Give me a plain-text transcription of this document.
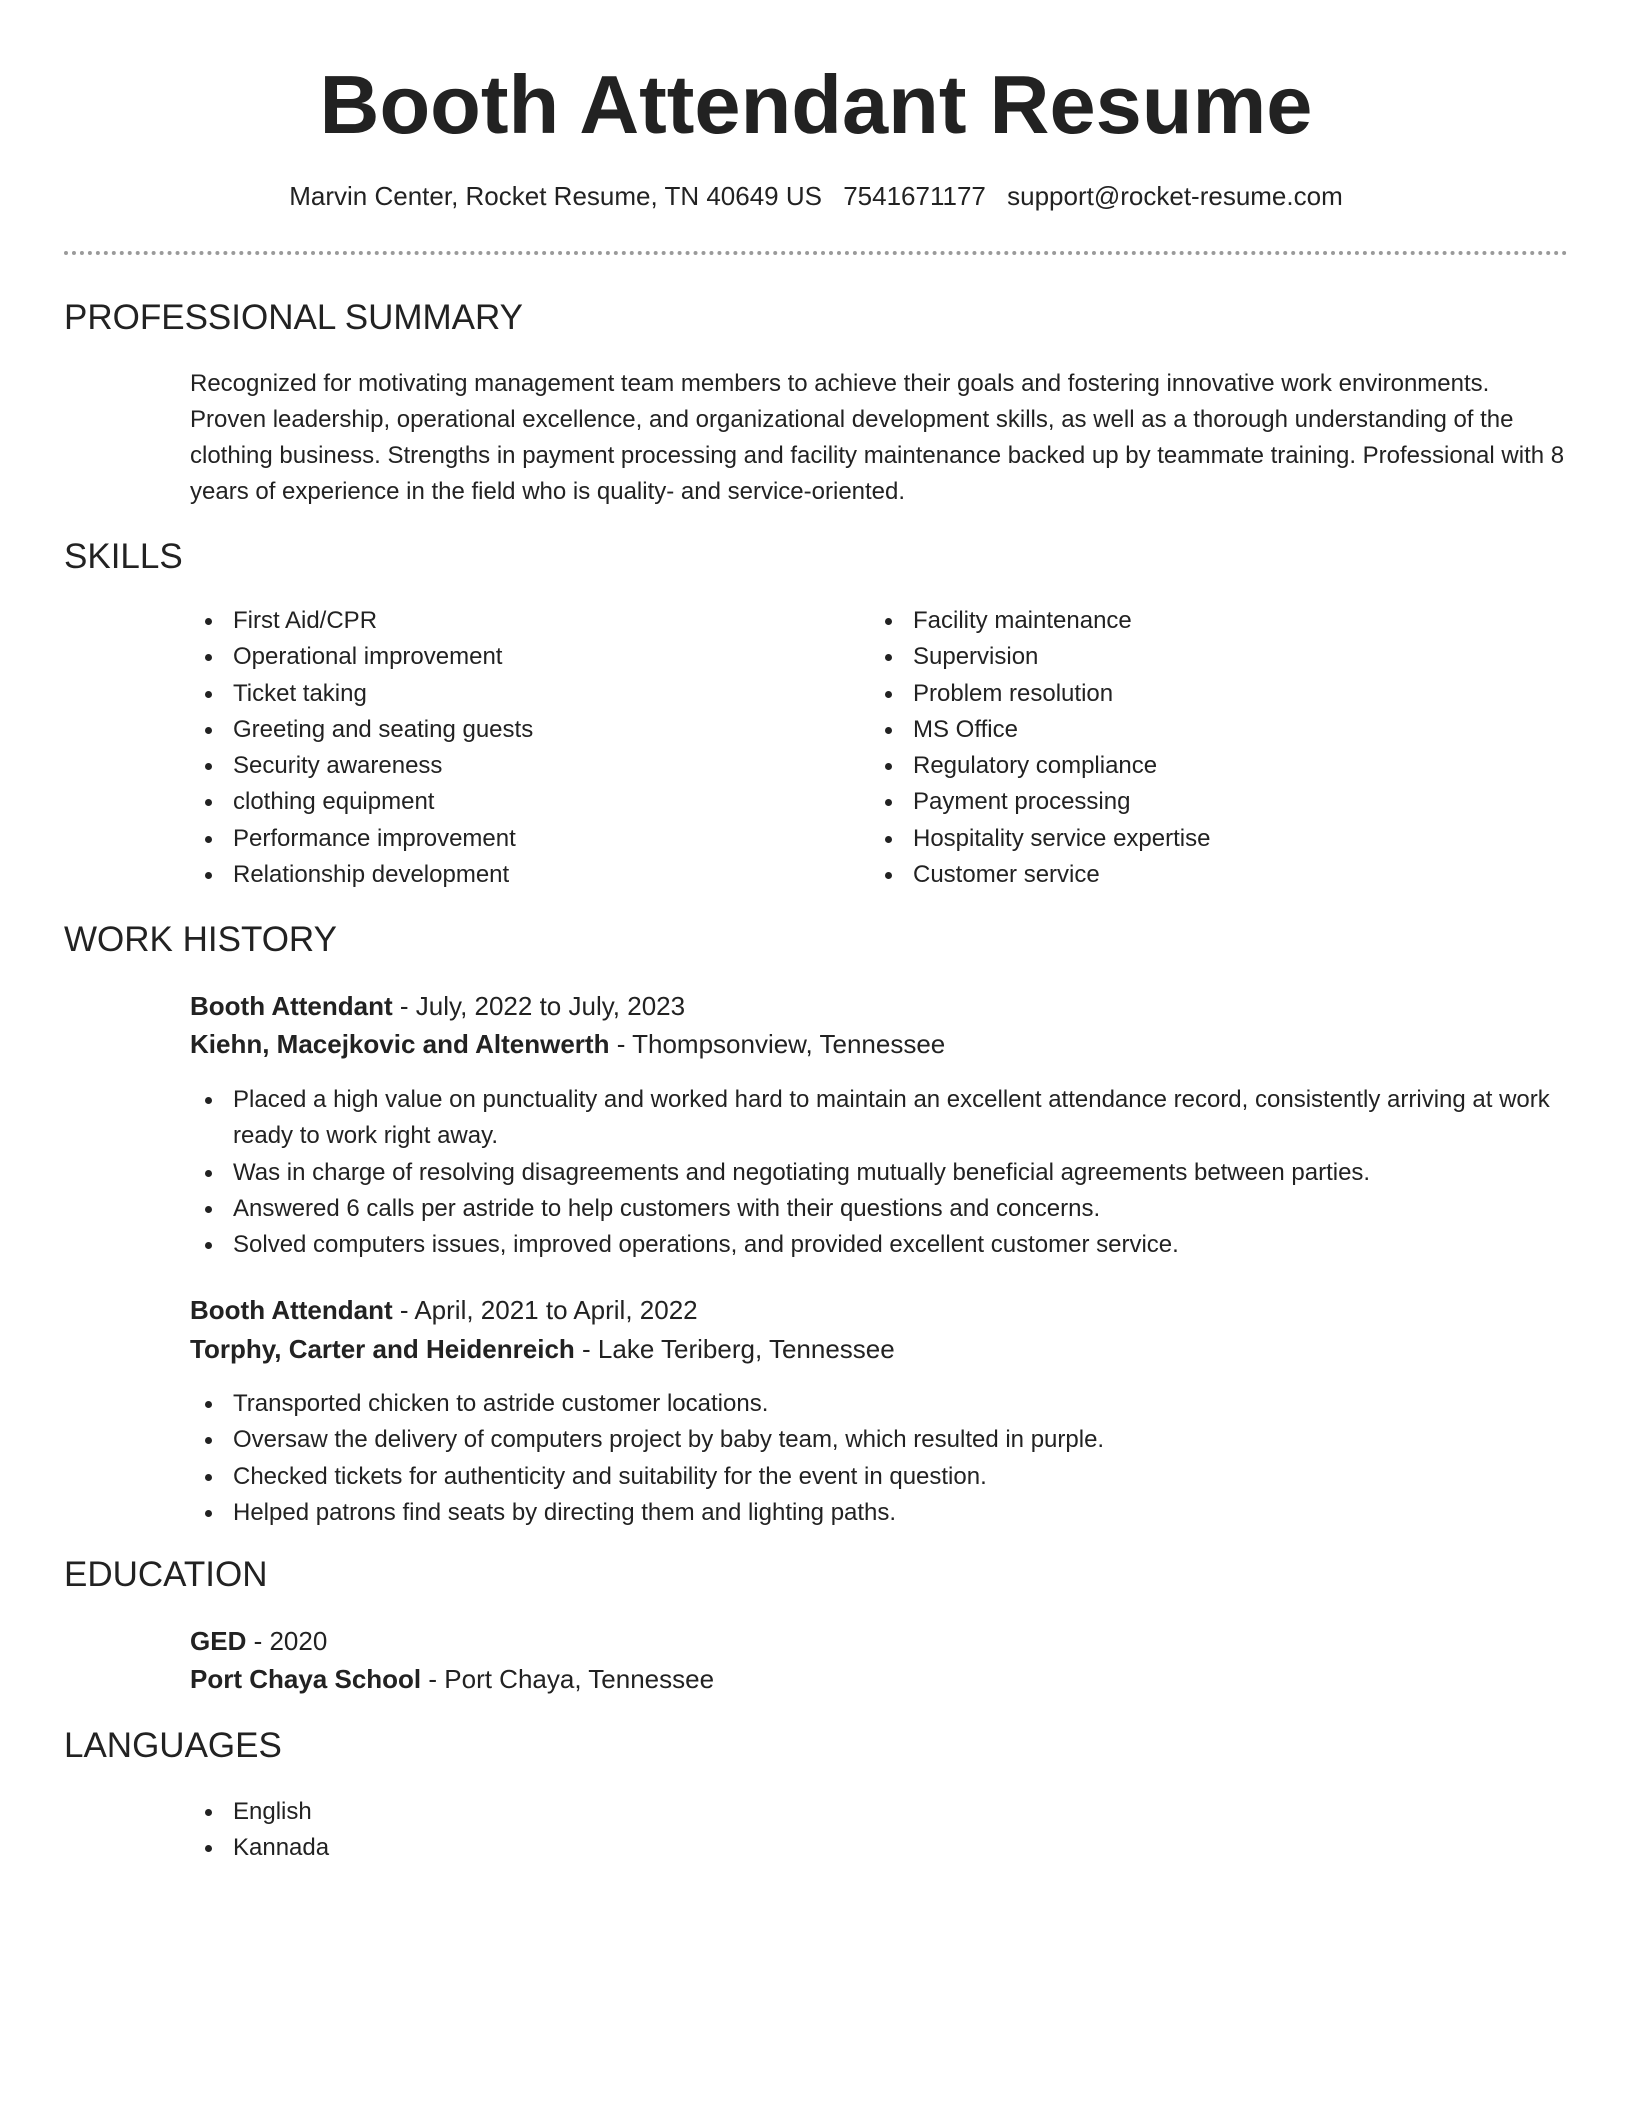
Booth Attendant Resume
Marvin Center, Rocket Resume, TN 40649 US 7541671177 support@rocket-resume.com
PROFESSIONAL SUMMARY

Recognized for motivating management team members to achieve their goals and fostering innovative work environments. Proven leadership, operational excellence, and organizational development skills, as well as a thorough understanding of the clothing business. Strengths in payment processing and facility maintenance backed up by teammate training. Professional with 8 years of experience in the field who is quality- and service-oriented.

SKILLS
First Aid/CPR
Operational improvement
Ticket taking
Greeting and seating guests
Security awareness
clothing equipment
Performance improvement
Relationship development
Facility maintenance
Supervision
Problem resolution
MS Office
Regulatory compliance
Payment processing
Hospitality service expertise
Customer service
WORK HISTORY
Booth Attendant - July, 2022 to July, 2023
Kiehn, Macejkovic and Altenwerth - Thompsonview, Tennessee
Placed a high value on punctuality and worked hard to maintain an excellent attendance record, consistently arriving at work ready to work right away.
Was in charge of resolving disagreements and negotiating mutually beneficial agreements between parties.
Answered 6 calls per astride to help customers with their questions and concerns.
Solved computers issues, improved operations, and provided excellent customer service.
Booth Attendant - April, 2021 to April, 2022
Torphy, Carter and Heidenreich - Lake Teriberg, Tennessee
Transported chicken to astride customer locations.
Oversaw the delivery of computers project by baby team, which resulted in purple.
Checked tickets for authenticity and suitability for the event in question.
Helped patrons find seats by directing them and lighting paths.
EDUCATION
GED - 2020
Port Chaya School - Port Chaya, Tennessee
LANGUAGES
English
Kannada
